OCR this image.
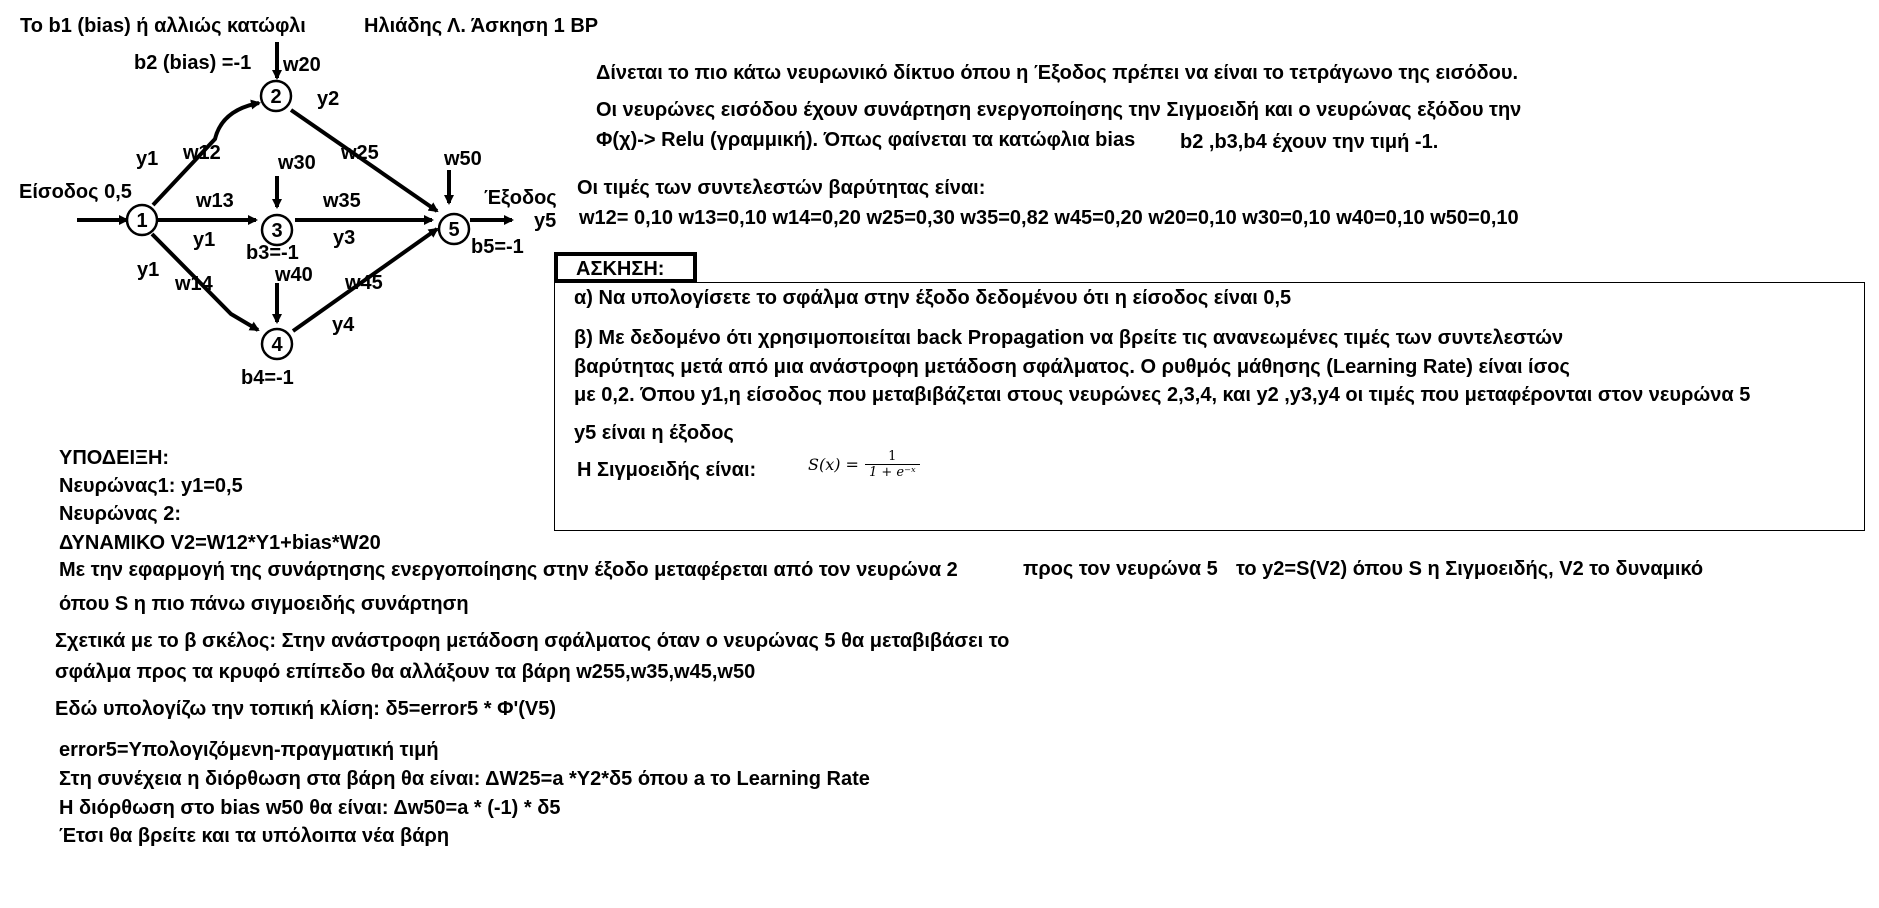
To b1 (bias) ή αλλιώς κατώφλι	Ηλιάδης Λ. Άσκηση 1 BP
1
2
3
4
5
b2 (bias) =-1 w20
y2
y1 w12	w30 w25	w50
Είσοδος 0,5	Έξοδος
y5
w13	w35
y1	y3
b3=-1	b5=-1
y1
w14	w40 w45
y4
b4=-1
Δίνεται το πιο κάτω νευρωνικό δίκτυο όπου η Έξοδος πρέπει να είναι το τετράγωνο της εισόδου.
Οι νευρώνες εισόδου έχουν συνάρτηση ενεργοποίησης την Σιγμοειδή και ο νευρώνας εξόδου την
Φ(χ)-> Relu (γραμμική). Όπως φαίνεται τα κατώφλια bias b2 ,b3,b4 έχουν την τιμή -1.
Οι τιμές των συντελεστών βαρύτητας είναι:
w12= 0,10 w13=0,10 w14=0,20 w25=0,30 w35=0,82 w45=0,20 w20=0,10 w30=0,10 w40=0,10 w50=0,10
ΑΣΚΗΣΗ:
α) Να υπολογίσετε το σφάλμα στην έξοδο δεδομένου ότι η είσοδος είναι 0,5
β) Με δεδομένο ότι χρησιμοποιείται back Propagation να βρείτε τις ανανεωμένες τιμές των συντελεστών
βαρύτητας μετά από μια ανάστροφη μετάδοση σφάλματος. Ο ρυθμός μάθησης (Learning Rate) είναι ίσος
με 0,2. Όπου y1,η είσοδος που μεταβιβάζεται στους νευρώνες 2,3,4, και y2 ,y3,y4 οι τιμές που μεταφέρονται στον νευρώνα 5
y5 είναι η έξοδος
Η Σιγμοειδής είναι:	$S(x) = \frac{1}{\text{1 + e⁻ˣ}}$
ΥΠΟΔΕΙΞΗ:
Νευρώνας1: y1=0,5
Νευρώνας 2:
ΔΥΝΑΜΙΚΟ V2=W12*Y1+bias*W20
Με την εφαρμογή της συνάρτησης ενεργοποίησης στην έξοδο μεταφέρεται από τον νευρώνα 2	προς τον νευρώνα 5 το y2=S(V2) όπου S η Σιγμοειδής, V2 το δυναμικό
όπου S η πιο πάνω σιγμοειδής συνάρτηση
Σχετικά με το β σκέλος: Στην ανάστροφη μετάδοση σφάλματος όταν ο νευρώνας 5 θα μεταβιβάσει το
σφάλμα προς τα κρυφό επίπεδο θα αλλάξουν τα βάρη w255,w35,w45,w50
Εδώ υπολογίζω την τοπική κλίση: δ5=error5 * Φ'(V5)
error5=Υπολογιζόμενη-πραγματική τιμή
Στη συνέχεια η διόρθωση στα βάρη θα είναι: ΔW25=a *Y2*δ5 όπου a το Learning Rate
Η διόρθωση στο bias w50 θα είναι: Δw50=a * (-1) * δ5
Έτσι θα βρείτε και τα υπόλοιπα νέα βάρη
